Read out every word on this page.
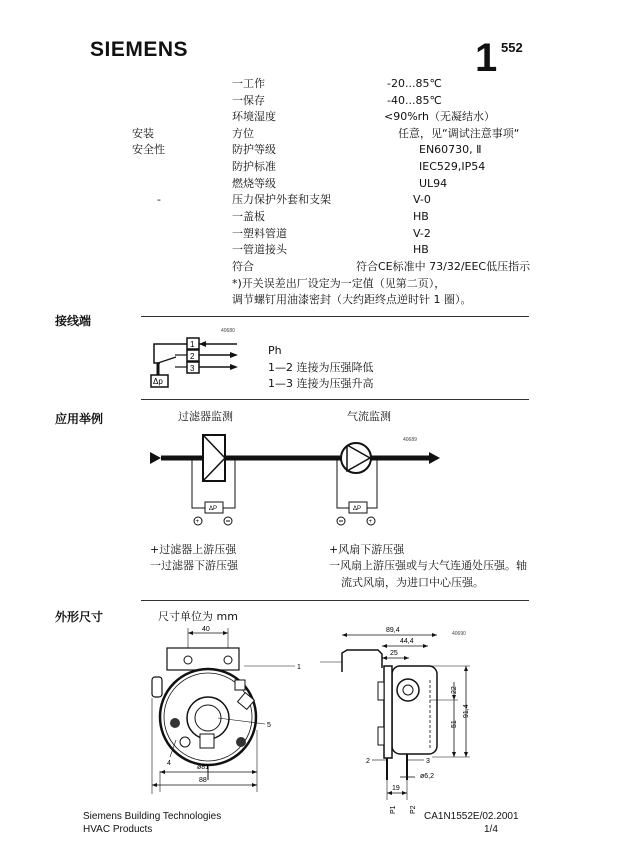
SIEMENS	1 552
一工作	-20...85℃
一保存	-40...85℃
环境湿度	<90%rh（无凝结水）
安装	方位	任意，见“调试注意事项“
安全性	防护等级	EN60730, Ⅱ
防护标准	IEC529,IP54
燃烧等级	UL94
-	压力保护外套和支架	V-0
一盖板	HB
一塑料管道	V-2
一管道接头	HB
符合	符合CE标准中 73/32/EEC低压指示
*)开关误差出厂设定为一定值（见第二页），
调节螺钉用油漆密封（大约距终点逆时针 1 圈）。
接线端
40680
1
2
3
Δp
Ph
1—2 连接为压强降低
1—3 连接为压强升高
应用举例	过滤器监测	气流监测
40689
ΔP
+
ΔP
+
+过滤器上游压强
一过滤器下游压强
+风扇下游压强
一风扇上游压强或与大气连通处压强。轴
流式风扇，为进口中心压强。
外形尺寸	尺寸单位为 mm
40
1
5
4
ø81
88
40690
89,4
44,4
25
2	3
ø6,2
19
P1 P2
51
22
91,4
Siemens Building Technologies
HVAC Products
CA1N1552E/02.2001
1/4
